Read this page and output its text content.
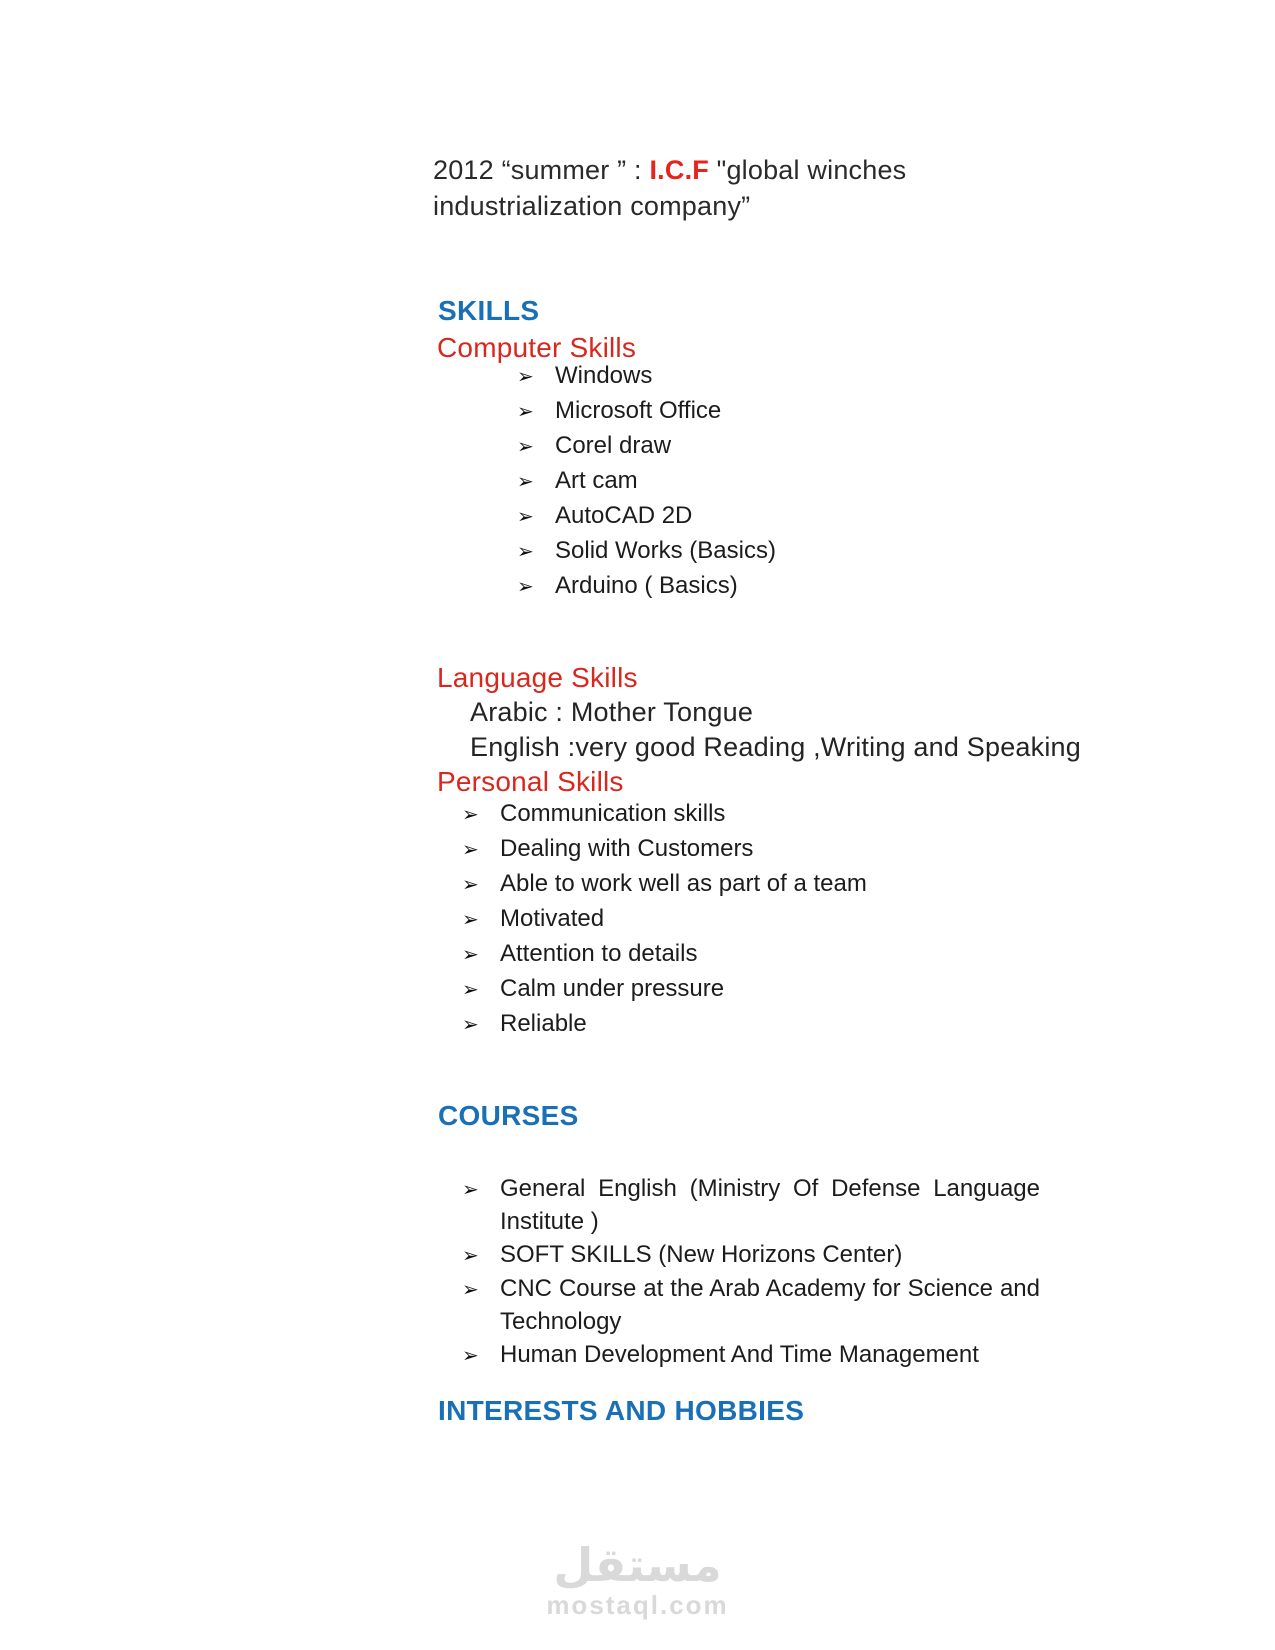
2012 “summer ” : I.C.F "global winches industrialization company”

SKILLS
Computer Skills
➢ Windows
➢ Microsoft Office
➢ Corel draw
➢ Art cam
➢ AutoCAD 2D
➢ Solid Works (Basics)
➢ Arduino ( Basics)
Language Skills
Arabic : Mother Tongue
English :very good Reading ,Writing and Speaking
Personal Skills
➢ Communication skills
➢ Dealing with Customers
➢ Able to work well as part of a team
➢ Motivated
➢ Attention to details
➢ Calm under pressure
➢ Reliable
COURSES
➢ General English (Ministry Of Defense Language Institute )
➢ SOFT SKILLS (New Horizons Center)
➢ CNC Course at the Arab Academy for Science and Technology
➢ Human Development And Time Management
INTERESTS AND HOBBIES
مستقل
mostaql.com
